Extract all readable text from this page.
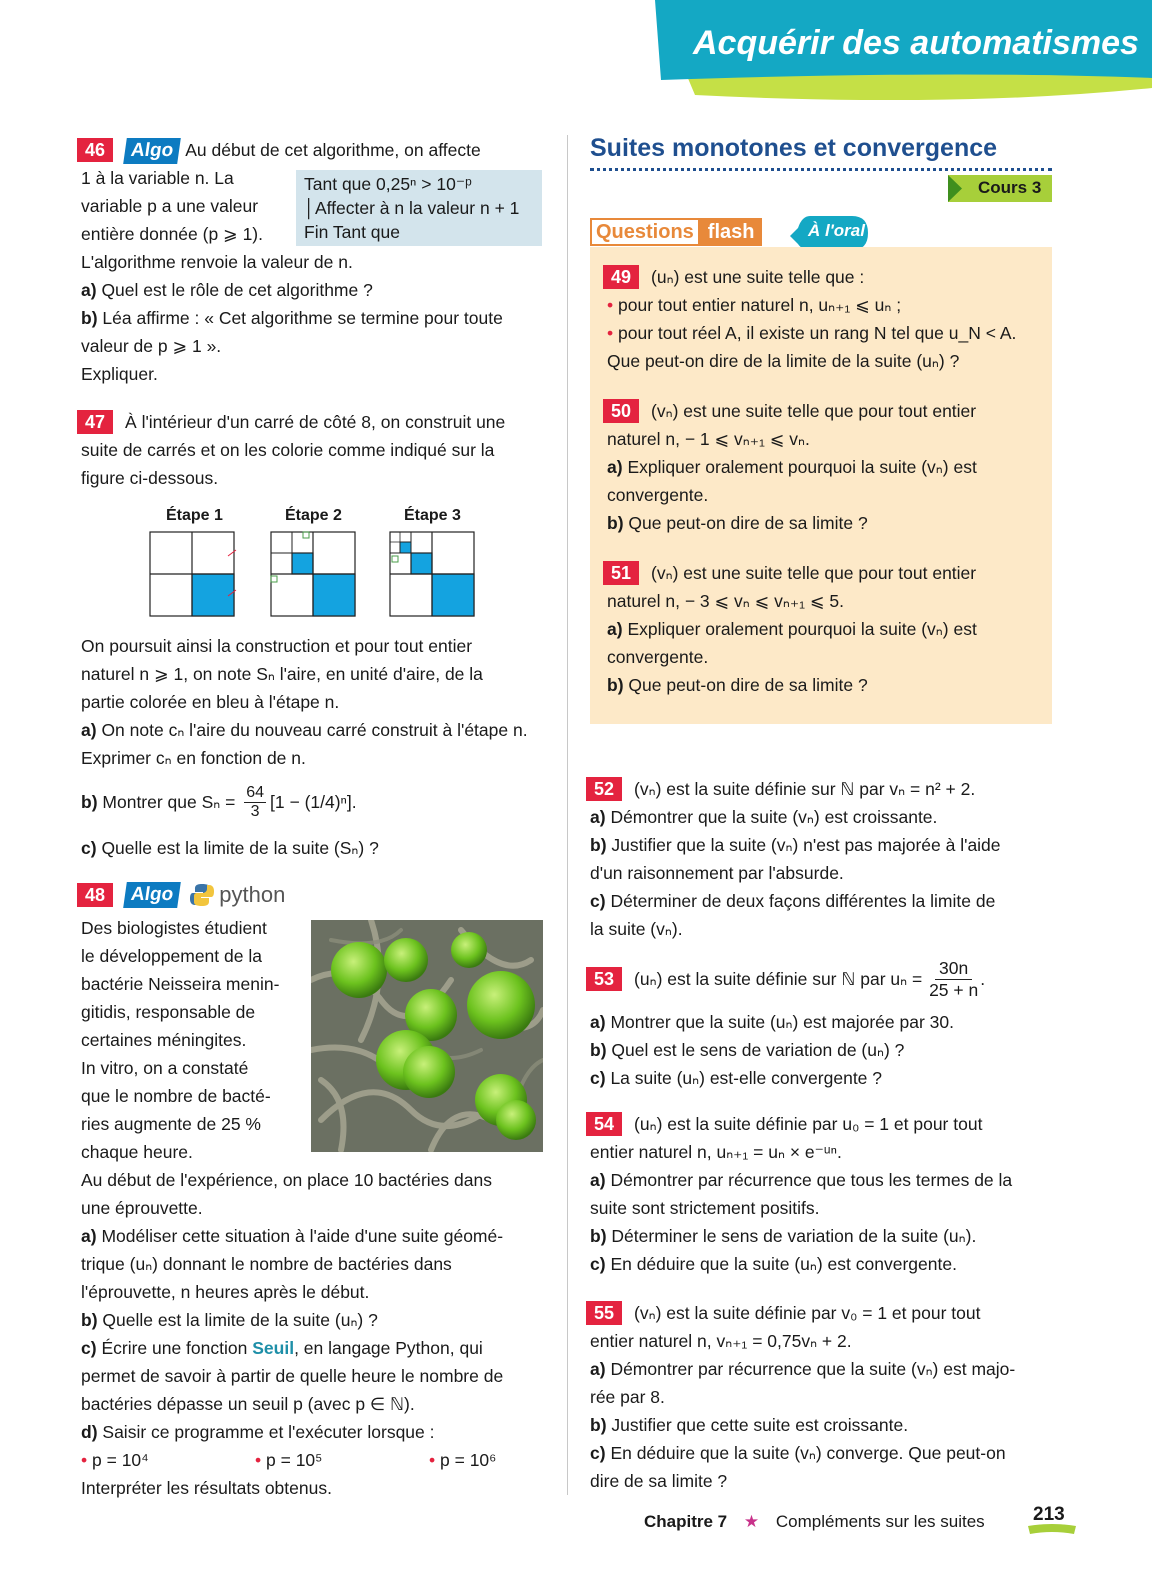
Acquérir des automatismes
46 Algo Au début de cet algorithme, on affecte
1 à la variable n. La
variable p a une valeur
entière donnée (p ⩾ 1).
L'algorithme renvoie la valeur de n.
a) Quel est le rôle de cet algorithme ?
b) Léa affirme : « Cet algorithme se termine pour toute
valeur de p ⩾ 1 ».
Expliquer.
Tant que 0,25ⁿ > 10⁻ᵖ
│Affecter à n la valeur n + 1
Fin Tant que
47 À l'intérieur d'un carré de côté 8, on construit une
suite de carrés et on les colorie comme indiqué sur la
figure ci-dessous.
Étape 1	Étape 2	Étape 3
On poursuit ainsi la construction et pour tout entier
naturel n ⩾ 1, on note Sₙ l'aire, en unité d'aire, de la
partie colorée en bleu à l'étape n.
a) On note cₙ l'aire du nouveau carré construit à l'étape n.
Exprimer cₙ en fonction de n.
b)
Montrer que Sₙ =
$\frac{64}{3} [1 - (1/4)^n]$.
c) Quelle est la limite de la suite (Sₙ) ?
48	Algo python
Des biologistes étudient
le développement de la
bactérie Neisseira menin-
gitidis, responsable de
certaines méningites.
In vitro, on a constaté
que le nombre de bacté-
ries augmente de 25 %
chaque heure.
Au début de l'expérience, on place 10 bactéries dans
une éprouvette.
a) Modéliser cette situation à l'aide d'une suite géomé-
trique (uₙ) donnant le nombre de bactéries dans
l'éprouvette, n heures après le début.
b) Quelle est la limite de la suite (uₙ) ?
c) Écrire une fonction Seuil, en langage Python, qui
permet de savoir à partir de quelle heure le nombre de
bactéries dépasse un seuil p (avec p ∈ ℕ).
d) Saisir ce programme et l'exécuter lorsque :
• p = 10⁴	• p = 10⁵	• p = 10⁶
Interpréter les résultats obtenus.
Suites monotones et convergence
Cours 3
Questions flash	À l'oral
49 (uₙ) est une suite telle que :
• pour tout entier naturel n, uₙ₊₁ ⩽ uₙ ;
• pour tout réel A, il existe un rang N tel que u_N < A.
Que peut-on dire de la limite de la suite (uₙ) ?
50 (vₙ) est une suite telle que pour tout entier
naturel n, − 1 ⩽ vₙ₊₁ ⩽ vₙ.
a) Expliquer oralement pourquoi la suite (vₙ) est
convergente.
b) Que peut-on dire de sa limite ?
51 (vₙ) est une suite telle que pour tout entier
naturel n, − 3 ⩽ vₙ ⩽ vₙ₊₁ ⩽ 5.
a) Expliquer oralement pourquoi la suite (vₙ) est
convergente.
b) Que peut-on dire de sa limite ?
52 (vₙ) est la suite définie sur ℕ par vₙ = n² + 2.
a) Démontrer que la suite (vₙ) est croissante.
b) Justifier que la suite (vₙ) n'est pas majorée à l'aide
d'un raisonnement par l'absurde.
c) Déterminer de deux façons différentes la limite de
la suite (vₙ).
53	(uₙ) est la suite définie sur ℕ par uₙ =
$\frac{30n}{25 + n}$ .
a) Montrer que la suite (uₙ) est majorée par 30.
b) Quel est le sens de variation de (uₙ) ?
c) La suite (uₙ) est-elle convergente ?
54 (uₙ) est la suite définie par u₀ = 1 et pour tout
entier naturel n, uₙ₊₁ = uₙ × e⁻ᵘⁿ.
a) Démontrer par récurrence que tous les termes de la
suite sont strictement positifs.
b) Déterminer le sens de variation de la suite (uₙ).
c) En déduire que la suite (uₙ) est convergente.
55 (vₙ) est la suite définie par v₀ = 1 et pour tout
entier naturel n, vₙ₊₁ = 0,75vₙ + 2.
a) Démontrer par récurrence que la suite (vₙ) est majo-
rée par 8.
b) Justifier que cette suite est croissante.
c) En déduire que la suite (vₙ) converge. Que peut-on
dire de sa limite ?
Chapitre 7 ★ Compléments sur les suites	213
